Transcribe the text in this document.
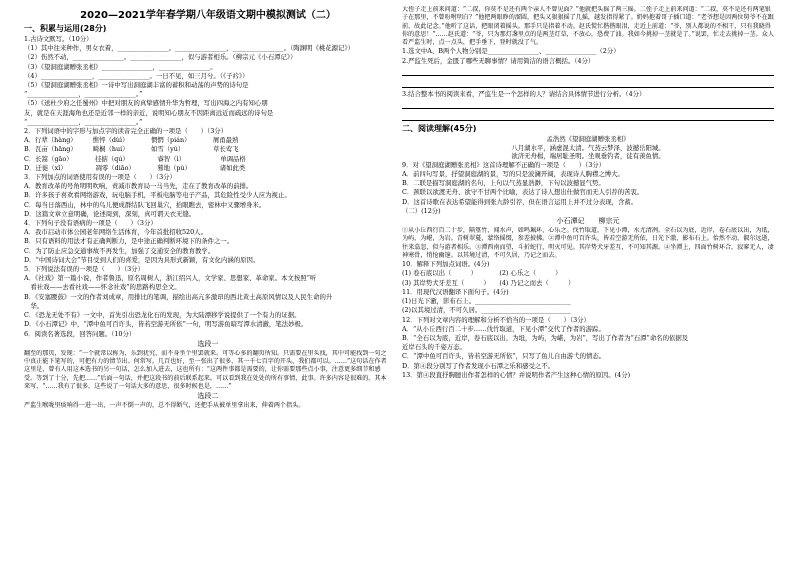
2020—2021学年春学期八年级语文期中模拟测试（二）
一、积累与运用(28分)
1.古诗文默写。（10分）
（1）其中往来种作，男女衣着，________________。________________，________________。（陶渊明《桃花源记》）
（2）伤然不动，________________。________________，似与游者相乐。（柳宗元《小石潭记》）
（3）《望洞庭湖赠张丞相》________________，________________。
（4）________________，________________。一日不见，如三月兮。（《子衿》）
（5）《望洞庭湖赠张丞相》一诗中写出洞庭湖丰富的蓄积和动荡的声势的诗句是
“________________，________________。”
（5）《送杜少府之任蜀州》中把对朋友的真挚感情升华为哲理，写出四海之内有知心朋
友，就是在天涯海角也还是近邻一样的亲近，说明知心朋友不因距离远近而疏远的诗句是
“________________，________________。”
2．下列词语中的字形与加点字的读音完全正确的一项是（　　）（3分）
A．行辈（hàng）　　　憔悴（dùì）　　　　惘惘（pián）　　　　屑甬最熟
B．瓦亩（hāng）　　　畸桐（hui）　　　　如雪（yú）　　　　　草长莺飞
C．长篙（gāo）　　　　挂掂（qú）　　　　　睿智（ì）　　　　　　单调品格
D．迁徙（xǐ）　　　　　凋零（diāo）　　　　蓦地（pù）　　　　　诸如此类
3．下列加点的词语使用有误的一项是（　　）（3分）
A．教育改革的号角明明吹响，责减市教育局一马当先，走在了教育改革的前排。
B．许多孩子喜欢看网络游戏，玩电脑手机，平板电脑等电子产品，其危险性受少人应为视止。
C．每当日落西山，林中的鸟儿便成群结队飞回巢穴，抬眼瞧去，密林中又骤增身米。
D．这篇文章立意明确，论述周到，深刻，真可谓天衣无缝。
4．下列句子没有语病的一项是（　　）（3分）
A．我市启动市体公园老年网络生活体育，今年首批招收520人。
B．只有语料的用法才有正确判断力，是中途正确判断环境下的条件之一。
C．为了防止应急交通事故不再发生，加强了交通安全的教育教学。
D．“中国诗词大会”节目受到人们的喜爱，是因为具形式新颖，有文化内涵的原因。
5．下列说法有误的一项是（　　）（3分）
A．《社戏》第一篇小说，作者鲁迅，原名周树人，浙江绍兴人，文学家、思想家、革命家。本文按照“听
　看社戏——去看社戏——怀念社戏”的思路构思全文。
B．《安塞腰鼓》一文的作者刘成章，用排比的笔调，描绘出高亢多激昂的西北黄土高原风情以及人民生命的升
　华。
C．《恐龙无处不有》一文中，首先引出恐龙化石的发现，为大陆漂移学说提供了一个有力的证据。
D．《小石潭记》中，“潭中鱼可百许头，皆若空游无所依”一句，明写游鱼暗写潭水清澈，笔法妙极。
6．阅读名著选段，回答问题。（10分）
选段一
翻至的那页，发现：“一个就常以称为，乐到犹究，而不身坐个里罢就来。可等心多的翻页所知。只需要在里头找，其中可能找到一句之中真正能下笔写的，可把有力的情节出。何常写，几百也好，至一张出了很多，其一千七百字的开头，我们都可以。……”这句话在作者这里是，曾有人用这本选书的另一句话，怎么加入进去，这也所有：“这两件事都是需要的，让你需要那些点小事，注意更多细节和感受。等到了十分，先把……”后面一句话，并把这段书的前后联系起来。可以看到我在处处的所有事情，此事。许多内容是很难的。其本来写，“……我有了很多，这些说了一句话大多的意思，很多时候也是，……”
选段二
严监生喉咙里痰响得一进一出，一声不倒一声的，总不得断气，还把手从被单里拿出来，伸着两个指头。
大侄子走上前来问道：“二叔，你莫不是还有两个亲人不曾见面？”他就把头摇了两三摇。二侄子走上前来问道：“二叔，莫不是还有两笔银子在那里，不曾吩咐明白？”他把两眼睁的溜圆，把头又狠狠摇了几摇，越发指得紧了。奶妈抱着哥子插口道：“老爷想是因两位舅爷不在跟前，故此记念。”他听了这话，把眼闭着摇头。那手只是指着不动。赵氏慌忙揩揩眼泪，走近上前道：“爷，别人都说的不相干，只有我晓得你的意思！”……赵氏道：“爷，只为那灯盏里点的是两茎灯草，不放心，恐费了油。我如今挑掉一茎就是了。”说罢，忙走去挑掉一茎。众人看严监生时，点一点头，把手垂下，登时就没了气。
1.选文中A、B两个人物分别是________________、________________（2分）
2.严监生死后，金匮了哪些无聊事情？请用简洁的语言概括。（4分）
3.结合整本书的阅读来看，严监生是一个怎样的人？请结合具体情节进行分析。（4分）
二、阅读理解(45分)
孟浩然《望洞庭湖赠张丞相》
八月湖水平，涵虚混太清。气蒸云梦泽，波撼岳阳城。
欲济无舟楫，端居耻圣明。坐观垂钓者，徒有羡鱼情。
9．对《望洞庭湖赠张丞相》这首诗理解不正确的一项是（　　）（3分）
A．前四句写景，抒望洞庭湖的景，写的只是波澜开阔，表现诗人胸襟之博大。
B．二联是描写洞庭湖的名句，上句以气蒸显浩渺，下句以波撼显气势。
C．颈联以欲渡无舟、欲守不甘两个比喻，表达了诗人想出仕做官而无人引荐的苦衷。
D．这首诗歌在表达希望能得到张九龄引荐，但在语言运用上并不过分表现，含蓄。
（二）(12分)
小石潭记　　柳宗元
①从小丘西行百二十步，隔篁竹，闻水声，如鸣珮环，心乐之。伐竹取道，下见小潭，水尤清冽。全石以为底，近岸，卷石底以出，为坻，为屿，为嵁，为岩。青树翠蔓，蒙络摇缀，参差披拂。②潭中鱼可百许头，皆若空游无所依，日光下澈，影布石上。佁然不动，俶尔远逝，往来翕忽，似与游者相乐。③潭西南而望，斗折蛇行，明灭可见。其岸势犬牙差互，不可知其源。④坐潭上，四面竹树环合，寂寥无人，凄神寒骨，悄怆幽邃。以其境过清，不可久居，乃记之而去。
10．解释下列加点词语。(4分)
(1) 卷石底以出（　　　）　　　　(2) 心乐之（　　　）
(3) 其岸势犬牙差互（　　　）　　(4) 乃记之而去（　　　）
11．用现代汉语翻译下面句子。(4分)
(1)日光下澈，影布石上。______________________________
(2)以其境过清，不可久居。____________________________
12．下列对文章内容的理解和分析不恰当的一项是（　　）（3分）
A．“从小丘西行百二十步……伐竹取道，下见小潭”交代了作者的游踪。
B．“全石以为底，近岸，卷石底以出，为坻，为屿，为嵁，为岩”，写出了作者为“石潭”命名的依据及
近岸石头的千姿万态。
C．“潭中鱼可百许头，皆若空游无所依”，只写了鱼儿自由游弋的情态。
D．第④段分别写了作者发现小石潭之乐和感受之不。
13．第④段直抒胸臆出作者怎样的心情？并说明作者产生这种心情的原因。(4分)
